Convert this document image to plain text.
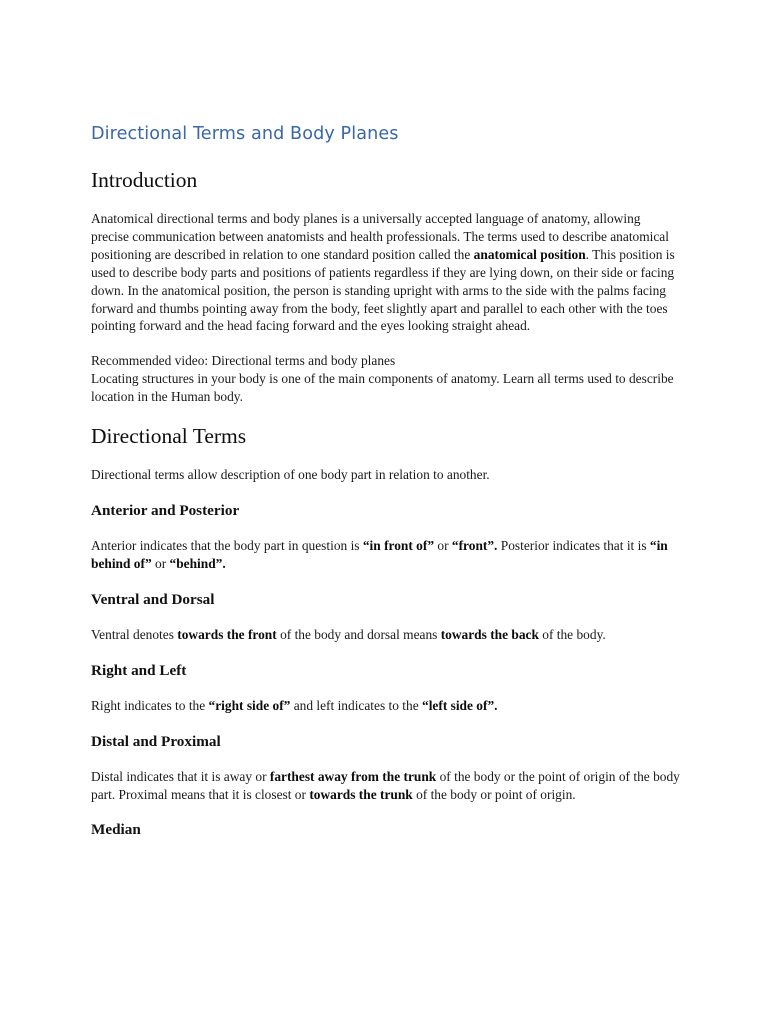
Directional Terms and Body Planes
Introduction

Anatomical directional terms and body planes is a universally accepted language of anatomy, allowing precise communication between anatomists and health professionals. The terms used to describe anatomical positioning are described in relation to one standard position called the anatomical position. This position is used to describe body parts and positions of patients regardless if they are lying down, on their side or facing down. In the anatomical position, the person is standing upright with arms to the side with the palms facing forward and thumbs pointing away from the body, feet slightly apart and parallel to each other with the toes pointing forward and the head facing forward and the eyes looking straight ahead.

Recommended video: Directional terms and body planes
Locating structures in your body is one of the main components of anatomy. Learn all terms used to describe location in the Human body.

Directional Terms

Directional terms allow description of one body part in relation to another.

Anterior and Posterior

Anterior indicates that the body part in question is “in front of” or “front”. Posterior indicates that it is “in behind of” or “behind”.

Ventral and Dorsal

Ventral denotes towards the front of the body and dorsal means towards the back of the body.

Right and Left

Right indicates to the “right side of” and left indicates to the “left side of”.

Distal and Proximal

Distal indicates that it is away or farthest away from the trunk of the body or the point of origin of the body part. Proximal means that it is closest or towards the trunk of the body or point of origin.

Median
